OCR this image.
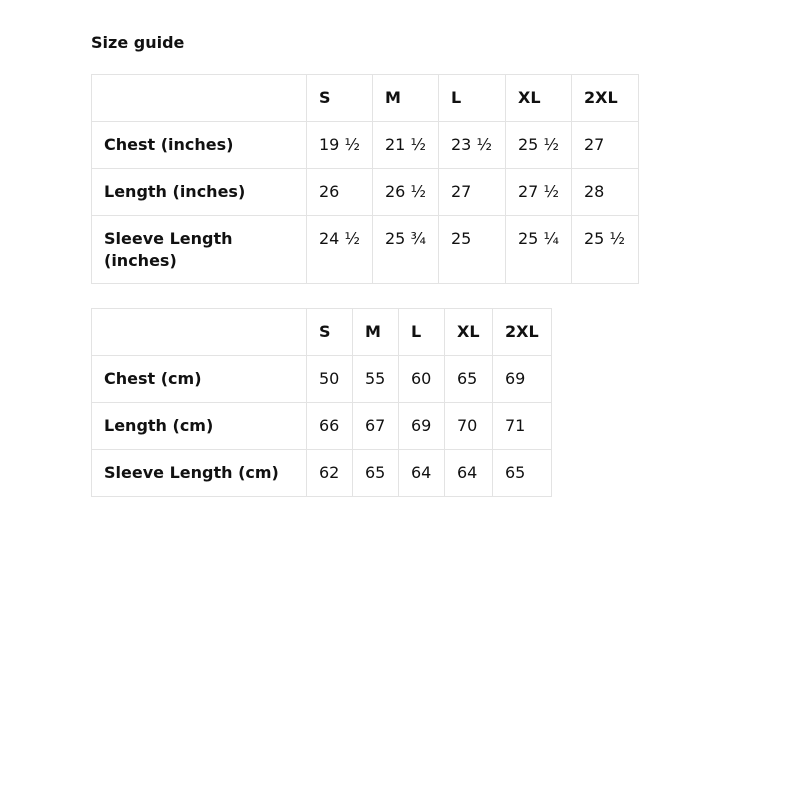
Size guide
	S	M	L	XL	2XL
Chest (inches)	19 ½	21 ½	23 ½	25 ½	27
Length (inches)	26	26 ½	27	27 ½	28
Sleeve Length (inches)	24 ½	25 ¾	25	25 ¼	25 ½
	S	M	L	XL	2XL
Chest (cm)	50	55	60	65	69
Length (cm)	66	67	69	70	71
Sleeve Length (cm)	62	65	64	64	65
